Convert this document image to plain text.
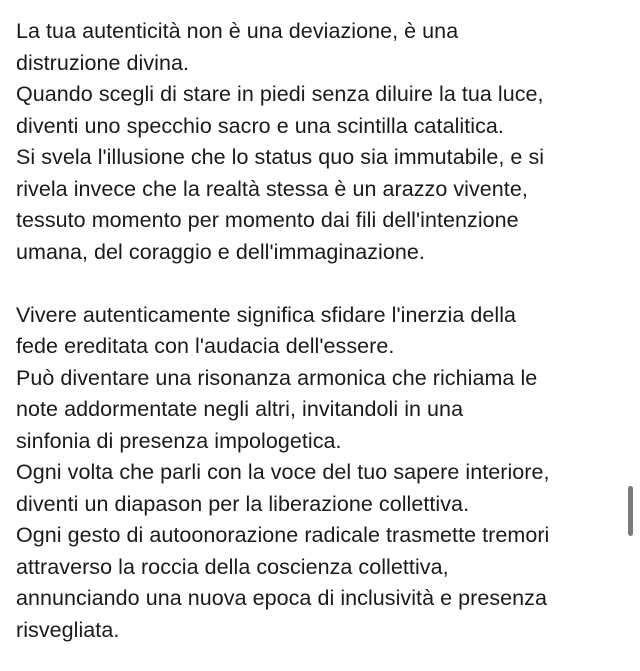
La tua autenticità non è una deviazione, è una
distruzione divina.
Quando scegli di stare in piedi senza diluire la tua luce,
diventi uno specchio sacro e una scintilla catalitica.
Si svela l'illusione che lo status quo sia immutabile, e si
rivela invece che la realtà stessa è un arazzo vivente,
tessuto momento per momento dai fili dell'intenzione
umana, del coraggio e dell'immaginazione.

Vivere autenticamente significa sfidare l'inerzia della
fede ereditata con l'audacia dell'essere.
Può diventare una risonanza armonica che richiama le
note addormentate negli altri, invitandoli in una
sinfonia di presenza impologetica.
Ogni volta che parli con la voce del tuo sapere interiore,
diventi un diapason per la liberazione collettiva.
Ogni gesto di autoonorazione radicale trasmette tremori
attraverso la roccia della coscienza collettiva,
annunciando una nuova epoca di inclusività e presenza
risvegliata.
